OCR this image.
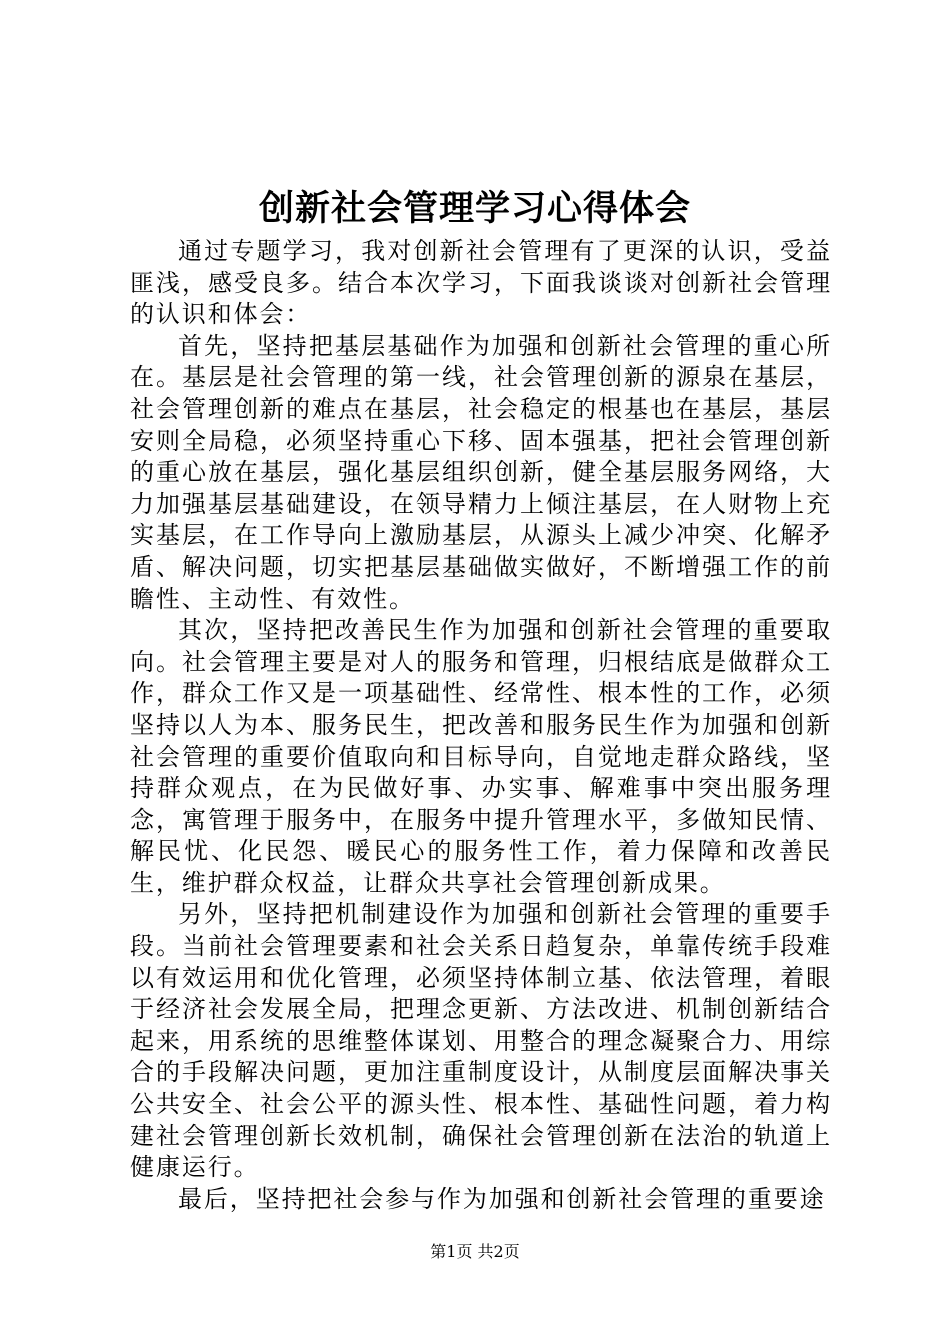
创新社会管理学习心得体会

通过专题学习，我对创新社会管理有了更深的认识，受益匪浅，感受良多。结合本次学习，下面我谈谈对创新社会管理的认识和体会：

首先，坚持把基层基础作为加强和创新社会管理的重心所在。基层是社会管理的第一线，社会管理创新的源泉在基层，社会管理创新的难点在基层，社会稳定的根基也在基层，基层安则全局稳，必须坚持重心下移、固本强基，把社会管理创新的重心放在基层，强化基层组织创新，健全基层服务网络，大力加强基层基础建设，在领导精力上倾注基层，在人财物上充实基层，在工作导向上激励基层，从源头上减少冲突、化解矛盾、解决问题，切实把基层基础做实做好，不断增强工作的前瞻性、主动性、有效性。

其次，坚持把改善民生作为加强和创新社会管理的重要取向。社会管理主要是对人的服务和管理，归根结底是做群众工作，群众工作又是一项基础性、经常性、根本性的工作，必须坚持以人为本、服务民生，把改善和服务民生作为加强和创新社会管理的重要价值取向和目标导向，自觉地走群众路线，坚持群众观点，在为民做好事、办实事、解难事中突出服务理念，寓管理于服务中，在服务中提升管理水平，多做知民情、解民忧、化民怨、暖民心的服务性工作，着力保障和改善民生，维护群众权益，让群众共享社会管理创新成果。

另外，坚持把机制建设作为加强和创新社会管理的重要手段。当前社会管理要素和社会关系日趋复杂，单靠传统手段难以有效运用和优化管理，必须坚持体制立基、依法管理，着眼于经济社会发展全局，把理念更新、方法改进、机制创新结合起来，用系统的思维整体谋划、用整合的理念凝聚合力、用综合的手段解决问题，更加注重制度设计，从制度层面解决事关公共安全、社会公平的源头性、根本性、基础性问题，着力构建社会管理创新长效机制，确保社会管理创新在法治的轨道上健康运行。

最后，坚持把社会参与作为加强和创新社会管理的重要途

第1页 共2页
